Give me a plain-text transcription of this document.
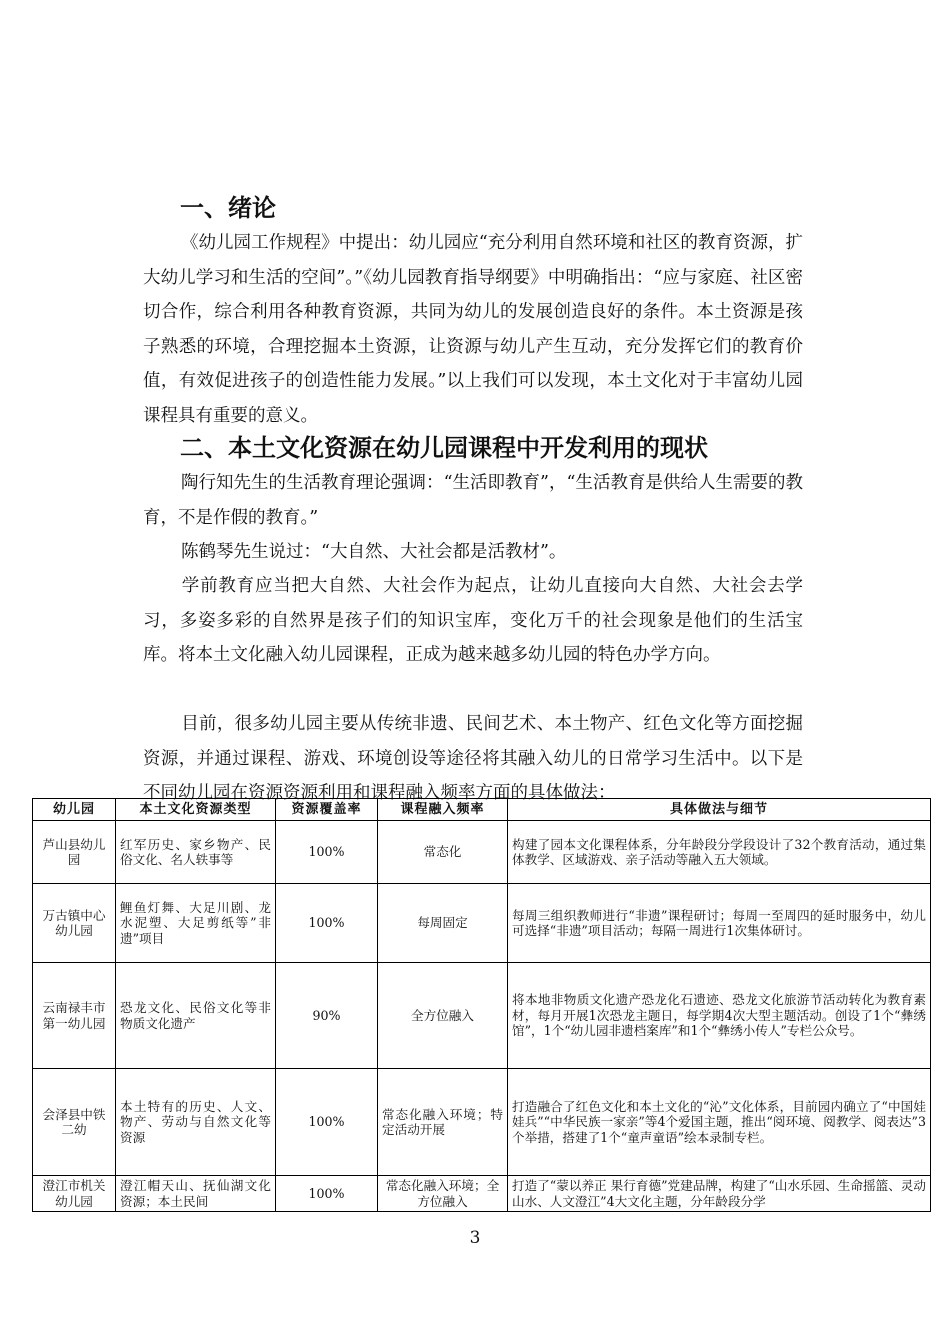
一、绪论

《幼儿园工作规程》中提出：幼儿园应“充分利用自然环境和社区的教育资源，扩大幼儿学习和生活的空间”。”《幼儿园教育指导纲要》中明确指出：“应与家庭、社区密切合作，综合利用各种教育资源，共同为幼儿的发展创造良好的条件。本土资源是孩子熟悉的环境，合理挖掘本土资源，让资源与幼儿产生互动，充分发挥它们的教育价值，有效促进孩子的创造性能力发展。”以上我们可以发现，本土文化对于丰富幼儿园课程具有重要的意义。

二、本土文化资源在幼儿园课程中开发利用的现状

陶行知先生的生活教育理论强调：“生活即教育”，“生活教育是供给人生需要的教育，不是作假的教育。”

陈鹤琴先生说过：“大自然、大社会都是活教材”。

学前教育应当把大自然、大社会作为起点，让幼儿直接向大自然、大社会去学习，多姿多彩的自然界是孩子们的知识宝库，变化万千的社会现象是他们的生活宝库。将本土文化融入幼儿园课程，正成为越来越多幼儿园的特色办学方向。

目前，很多幼儿园主要从传统非遗、民间艺术、本土物产、红色文化等方面挖掘资源，并通过课程、游戏、环境创设等途径将其融入幼儿的日常学习生活中。以下是不同幼儿园在资源资源利用和课程融入频率方面的具体做法：

幼儿园	本土文化资源类型	资源覆盖率	课程融入频率	具体做法与细节
芦山县幼儿园	红军历史、家乡物产、民俗文化、名人轶事等	100%	常态化	构建了园本文化课程体系，分年龄段分学段设计了32个教育活动，通过集体教学、区域游戏、亲子活动等融入五大领域。
万古镇中心幼儿园	鲤鱼灯舞、大足川剧、龙水泥塑、大足剪纸等”非遗”项目	100%	每周固定	每周三组织教师进行“非遗”课程研讨；每周一至周四的延时服务中，幼儿可选择“非遗”项目活动；每隔一周进行1次集体研讨。
云南禄丰市第一幼儿园	恐龙文化、民俗文化等非物质文化遗产	90%	全方位融入	将本地非物质文化遗产恐龙化石遗迹、恐龙文化旅游节活动转化为教育素材，每月开展1次恐龙主题日，每学期4次大型主题活动。创设了1个“彝绣馆”，1个“幼儿园非遗档案库”和1个“彝绣小传人”专栏公众号。
会泽县中铁二幼	本土特有的历史、人文、物产、劳动与自然文化等资源	100%	常态化融入环境；特定活动开展	打造融合了红色文化和本土文化的“沁”文化体系，目前园内确立了“中国娃娃兵”“中华民族一家亲”等4个爱国主题，推出“阅环境、阅教学、阅表达”3个举措，搭建了1个“童声童语”绘本录制专栏。
澄江市机关幼儿园	澄江帽天山、抚仙湖文化资源；本土民间	100%	常态化融入环境；全方位融入	打造了“蒙以养正 果行育德”党建品牌，构建了“山水乐园、生命摇篮、灵动山水、人文澄江”4大文化主题，分年龄段分学
3
